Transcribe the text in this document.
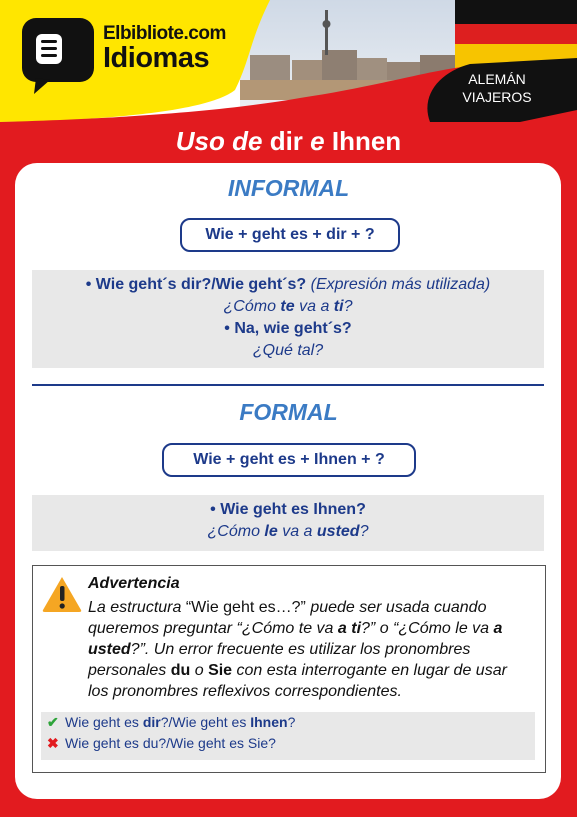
Elbibliote.com
Idiomas
ALEMÁN
VIAJEROS
Uso de dir e Ihnen
INFORMAL
Wie + geht es + dir + ?
• Wie geht´s dir?/Wie geht´s? (Expresión más utilizada)
¿Cómo te va a ti?
• Na, wie geht´s?
¿Qué tal?
FORMAL
Wie + geht es + Ihnen + ?
• Wie geht es Ihnen?
¿Cómo le va a usted?
Advertencia
La estructura “Wie geht es…?” puede ser usada cuando queremos preguntar “¿Cómo te va a ti?” o “¿Cómo le va a usted?”. Un error frecuente es utilizar los pronombres personales du o Sie con esta interrogante en lugar de usar los pronombres reflexivos correspondientes.
✔ Wie geht es dir?/Wie geht es Ihnen?
✖ Wie geht es du?/Wie geht es Sie?
